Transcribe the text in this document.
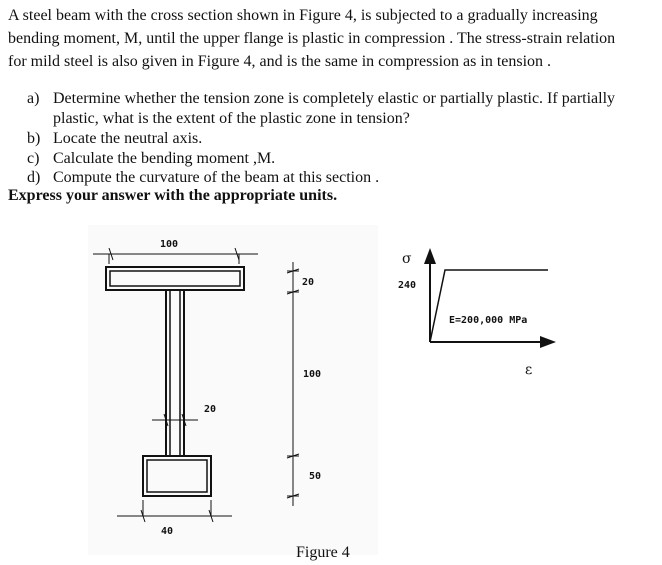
A steel beam with the cross section shown in Figure 4, is subjected to a gradually increasing
bending moment, M, until the upper flange is plastic in compression . The stress-strain relation
for mild steel is also given in Figure 4, and is the same in compression as in tension .
a) Determine whether the tension zone is completely elastic or partially plastic. If partially
plastic, what is the extent of the plastic zone in tension?
b) Locate the neutral axis.
c) Calculate the bending moment ,M.
d) Compute the curvature of the beam at this section .
Express your answer with the appropriate units.
100
20
100
50
20
40
σ
240
E=200,000 MPa
ε
Figure 4
